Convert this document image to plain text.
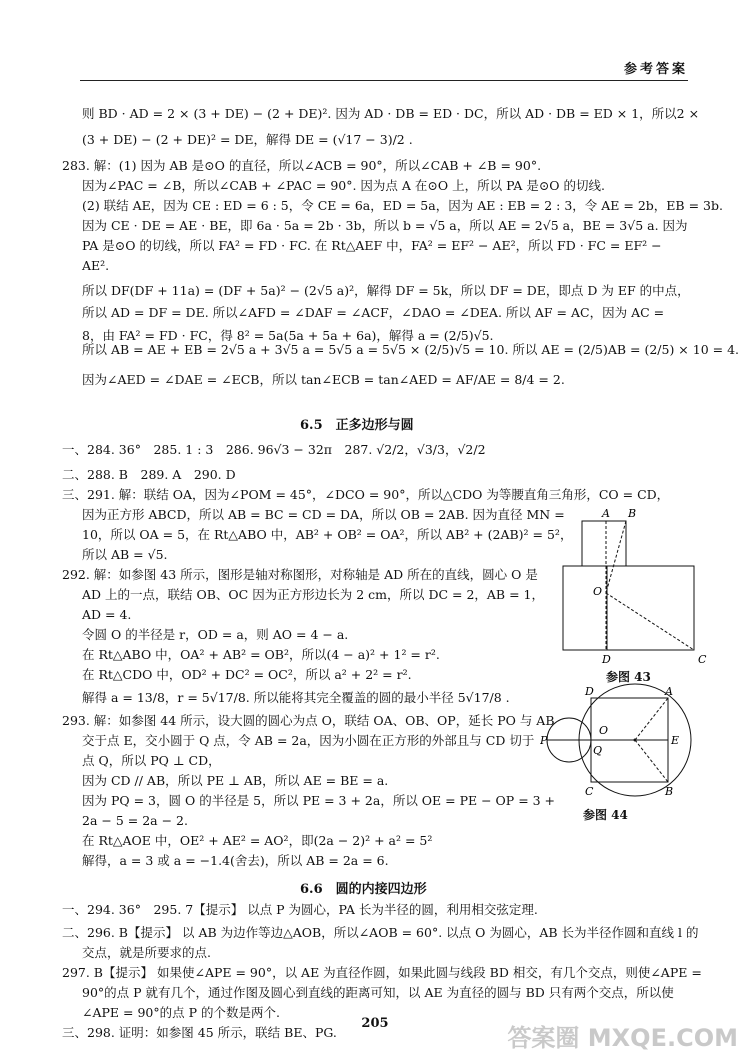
参考答案
则 BD · AD = 2 × (3 + DE) − (2 + DE)². 因为 AD · DB = ED · DC，所以 AD · DB = ED × 1，所以2 ×
(3 + DE) − (2 + DE)² = DE，解得 DE = (√17 − 3)/2 .
283. 解：(1) 因为 AB 是⊙O 的直径，所以∠ACB = 90°，所以∠CAB + ∠B = 90°.
因为∠PAC = ∠B，所以∠CAB + ∠PAC = 90°. 因为点 A 在⊙O 上，所以 PA 是⊙O 的切线.
(2) 联结 AE，因为 CE : ED = 6 : 5，令 CE = 6a，ED = 5a，因为 AE : EB = 2 : 3，令 AE = 2b，EB = 3b.
因为 CE · DE = AE · BE，即 6a · 5a = 2b · 3b，所以 b = √5 a，所以 AE = 2√5 a，BE = 3√5 a. 因为
PA 是⊙O 的切线，所以 FA² = FD · FC. 在 Rt△AEF 中，FA² = EF² − AE²，所以 FD · FC = EF² −
AE².
所以 DF(DF + 11a) = (DF + 5a)² − (2√5 a)²，解得 DF = 5k，所以 DF = DE，即点 D 为 EF 的中点，
所以 AD = DF = DE. 所以∠AFD = ∠DAF = ∠ACF，∠DAO = ∠DEA. 所以 AF = AC，因为 AC =
8，由 FA² = FD · FC，得 8² = 5a(5a + 5a + 6a)，解得 a = (2/5)√5.
所以 AB = AE + EB = 2√5 a + 3√5 a = 5√5 a = 5√5 × (2/5)√5 = 10. 所以 AE = (2/5)AB = (2/5) × 10 = 4.
因为∠AED = ∠DAE = ∠ECB，所以 tan∠ECB = tan∠AED = AF/AE = 8/4 = 2.
6.5　正多边形与圆
一、284. 36°　285. 1 : 3　286. 96√3 − 32π　287. √2/2，√3/3，√2/2
二、288. B　289. A　290. D
三、291. 解：联结 OA，因为∠POM = 45°，∠DCO = 90°，所以△CDO 为等腰直角三角形，CO = CD，
因为正方形 ABCD，所以 AB = BC = CD = DA，所以 OB = 2AB. 因为直径 MN =
10，所以 OA = 5，在 Rt△ABO 中，AB² + OB² = OA²，所以 AB² + (2AB)² = 5²，
所以 AB = √5.
292. 解：如参图 43 所示，图形是轴对称图形，对称轴是 AD 所在的直线，圆心 O 是
AD 上的一点，联结 OB、OC 因为正方形边长为 2 cm，所以 DC = 2，AB = 1，
AD = 4.
令圆 O 的半径是 r，OD = a，则 AO = 4 − a.
在 Rt△ABO 中，OA² + AB² = OB²，所以(4 − a)² + 1² = r².
在 Rt△CDO 中，OD² + DC² = OC²，所以 a² + 2² = r².
解得 a = 13/8，r = 5√17/8. 所以能将其完全覆盖的圆的最小半径 5√17/8 .
293. 解：如参图 44 所示，设大圆的圆心为点 O，联结 OA、OB、OP，延长 PO 与 AB
交于点 E，交小圆于 Q 点，令 AB = 2a，因为小圆在正方形的外部且与 CD 切于
点 Q，所以 PQ ⊥ CD，
因为 CD // AB，所以 PE ⊥ AB，所以 AE = BE = a.
因为 PQ = 3，圆 O 的半径是 5，所以 PE = 3 + 2a，所以 OE = PE − OP = 3 +
2a − 5 = 2a − 2.
在 Rt△AOE 中，OE² + AE² = AO²，即(2a − 2)² + a² = 5²
解得，a = 3 或 a = −1.4(舍去)，所以 AB = 2a = 6.
6.6　圆的内接四边形
一、294. 36°　295. 7【提示】 以点 P 为圆心，PA 长为半径的圆，利用相交弦定理.
二、296. B【提示】 以 AB 为边作等边△AOB，所以∠AOB = 60°. 以点 O 为圆心，AB 长为半径作圆和直线 l 的
交点，就是所要求的点.
297. B【提示】 如果使∠APE = 90°，以 AE 为直径作圆，如果此圆与线段 BD 相交，有几个交点，则使∠APE =
90°的点 P 就有几个，通过作图及圆心到直线的距离可知，以 AE 为直径的圆与 BD 只有两个交点，所以使
∠APE = 90°的点 P 的个数是两个.
三、298. 证明：如参图 45 所示，联结 BE、PG.
A B
O
D	C
参图 43
D	A
P
O
E
Q
C	B
参图 44
205
答案圈 MXQE.COM
